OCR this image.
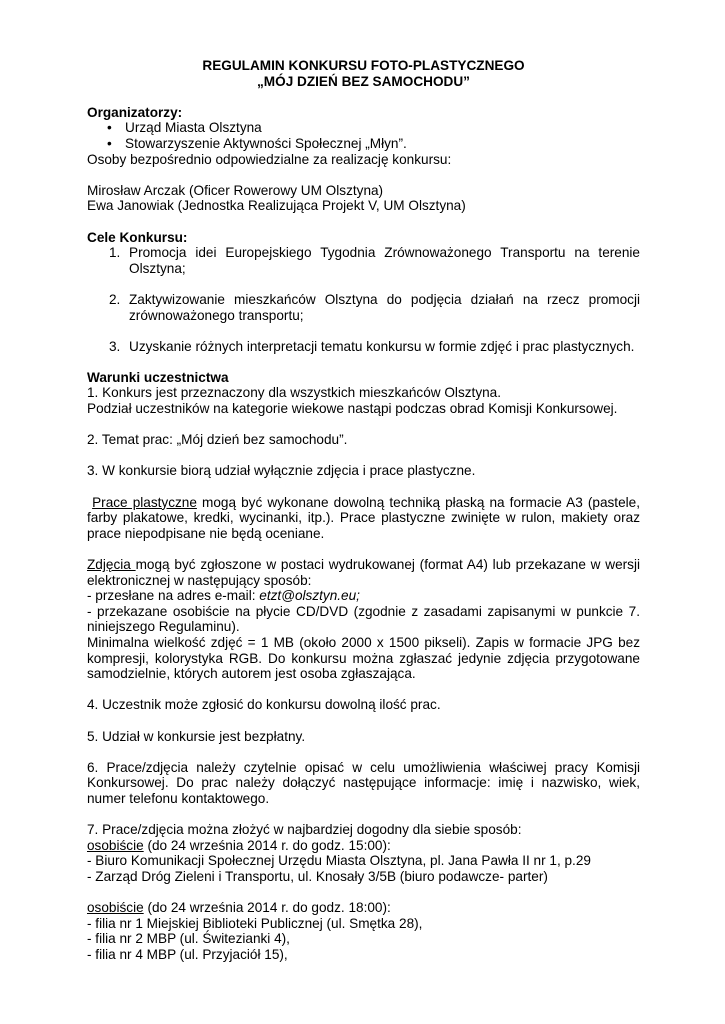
REGULAMIN KONKURSU FOTO-PLASTYCZNEGO
„MÓJ DZIEŃ BEZ SAMOCHODU”
Organizatorzy:
• Urząd Miasta Olsztyna
• Stowarzyszenie Aktywności Społecznej „Młyn”.
Osoby bezpośrednio odpowiedzialne za realizację konkursu:
Mirosław Arczak (Oficer Rowerowy UM Olsztyna)
Ewa Janowiak (Jednostka Realizująca Projekt V, UM Olsztyna)
Cele Konkursu:
1. Promocja idei Europejskiego Tygodnia Zrównoważonego Transportu na terenie Olsztyna;
2. Zaktywizowanie mieszkańców Olsztyna do podjęcia działań na rzecz promocji zrównoważonego transportu;
3. Uzyskanie różnych interpretacji tematu konkursu w formie zdjęć i prac plastycznych.
Warunki uczestnictwa
1. Konkurs jest przeznaczony dla wszystkich mieszkańców Olsztyna.
Podział uczestników na kategorie wiekowe nastąpi podczas obrad Komisji Konkursowej.
2. Temat prac: „Mój dzień bez samochodu”.
3. W konkursie biorą udział wyłącznie zdjęcia i prace plastyczne.
Prace plastyczne mogą być wykonane dowolną techniką płaską na formacie A3 (pastele, farby plakatowe, kredki, wycinanki, itp.). Prace plastyczne zwinięte w rulon, makiety oraz prace niepodpisane nie będą oceniane.
Zdjęcia mogą być zgłoszone w postaci wydrukowanej (format A4) lub przekazane w wersji elektronicznej w następujący sposób:
- przesłane na adres e-mail: etzt@olsztyn.eu;
- przekazane osobiście na płycie CD/DVD (zgodnie z zasadami zapisanymi w punkcie 7. niniejszego Regulaminu).
Minimalna wielkość zdjęć = 1 MB (około 2000 x 1500 pikseli). Zapis w formacie JPG bez kompresji, kolorystyka RGB. Do konkursu można zgłaszać jedynie zdjęcia przygotowane samodzielnie, których autorem jest osoba zgłaszająca.
4. Uczestnik może zgłosić do konkursu dowolną ilość prac.
5. Udział w konkursie jest bezpłatny.
6. Prace/zdjęcia należy czytelnie opisać w celu umożliwienia właściwej pracy Komisji Konkursowej. Do prac należy dołączyć następujące informacje: imię i nazwisko, wiek, numer telefonu kontaktowego.
7. Prace/zdjęcia można złożyć w najbardziej dogodny dla siebie sposób:
osobiście (do 24 września 2014 r. do godz. 15:00):
- Biuro Komunikacji Społecznej Urzędu Miasta Olsztyna, pl. Jana Pawła II nr 1, p.29
- Zarząd Dróg Zieleni i Transportu, ul. Knosały 3/5B (biuro podawcze- parter)
osobiście (do 24 września 2014 r. do godz. 18:00):
- filia nr 1 Miejskiej Biblioteki Publicznej (ul. Smętka 28),
- filia nr 2 MBP (ul. Świtezianki 4),
- filia nr 4 MBP (ul. Przyjaciół 15),
